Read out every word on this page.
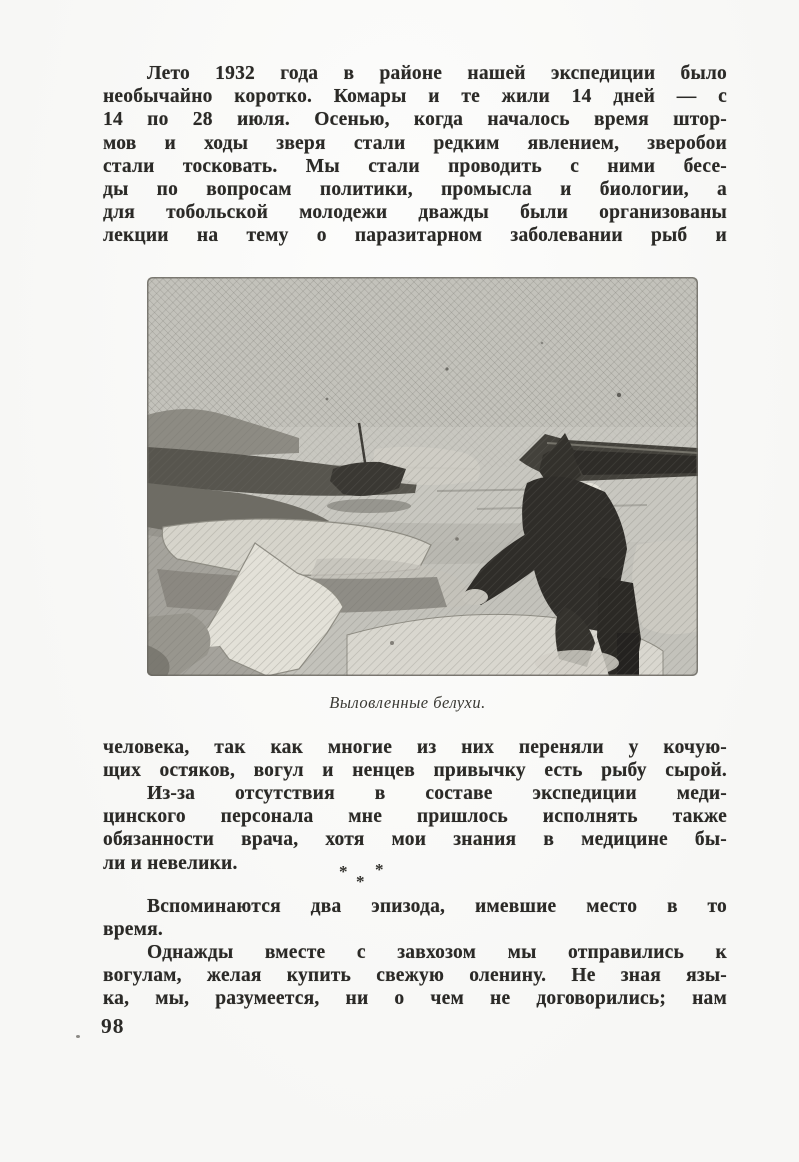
Лето 1932 года в районе нашей экспедиции было
необычайно коротко. Комары и те жили 14 дней — с
14 по 28 июля. Осенью, когда началось время штор-
мов и ходы зверя стали редким явлением, зверобои
стали тосковать. Мы стали проводить с ними бесе-
ды по вопросам политики, промысла и биологии, а
для тобольской молодежи дважды были организованы
лекции на тему о паразитарном заболевании рыб и
Выловленные белухи.
человека, так как многие из них переняли у кочую-
щих остяков, вогул и ненцев привычку есть рыбу сырой.
Из-за отсутствия в составе экспедиции меди-
цинского персонала мне пришлось исполнять также
обязанности врача, хотя мои знания в медицине бы-
ли и невелики.	* *
*
Вспоминаются два эпизода, имевшие место в то
время.
Однажды вместе с завхозом мы отправились к
вогулам, желая купить свежую оленину. Не зная язы-
ка, мы, разумеется, ни о чем не договорились; нам
98
